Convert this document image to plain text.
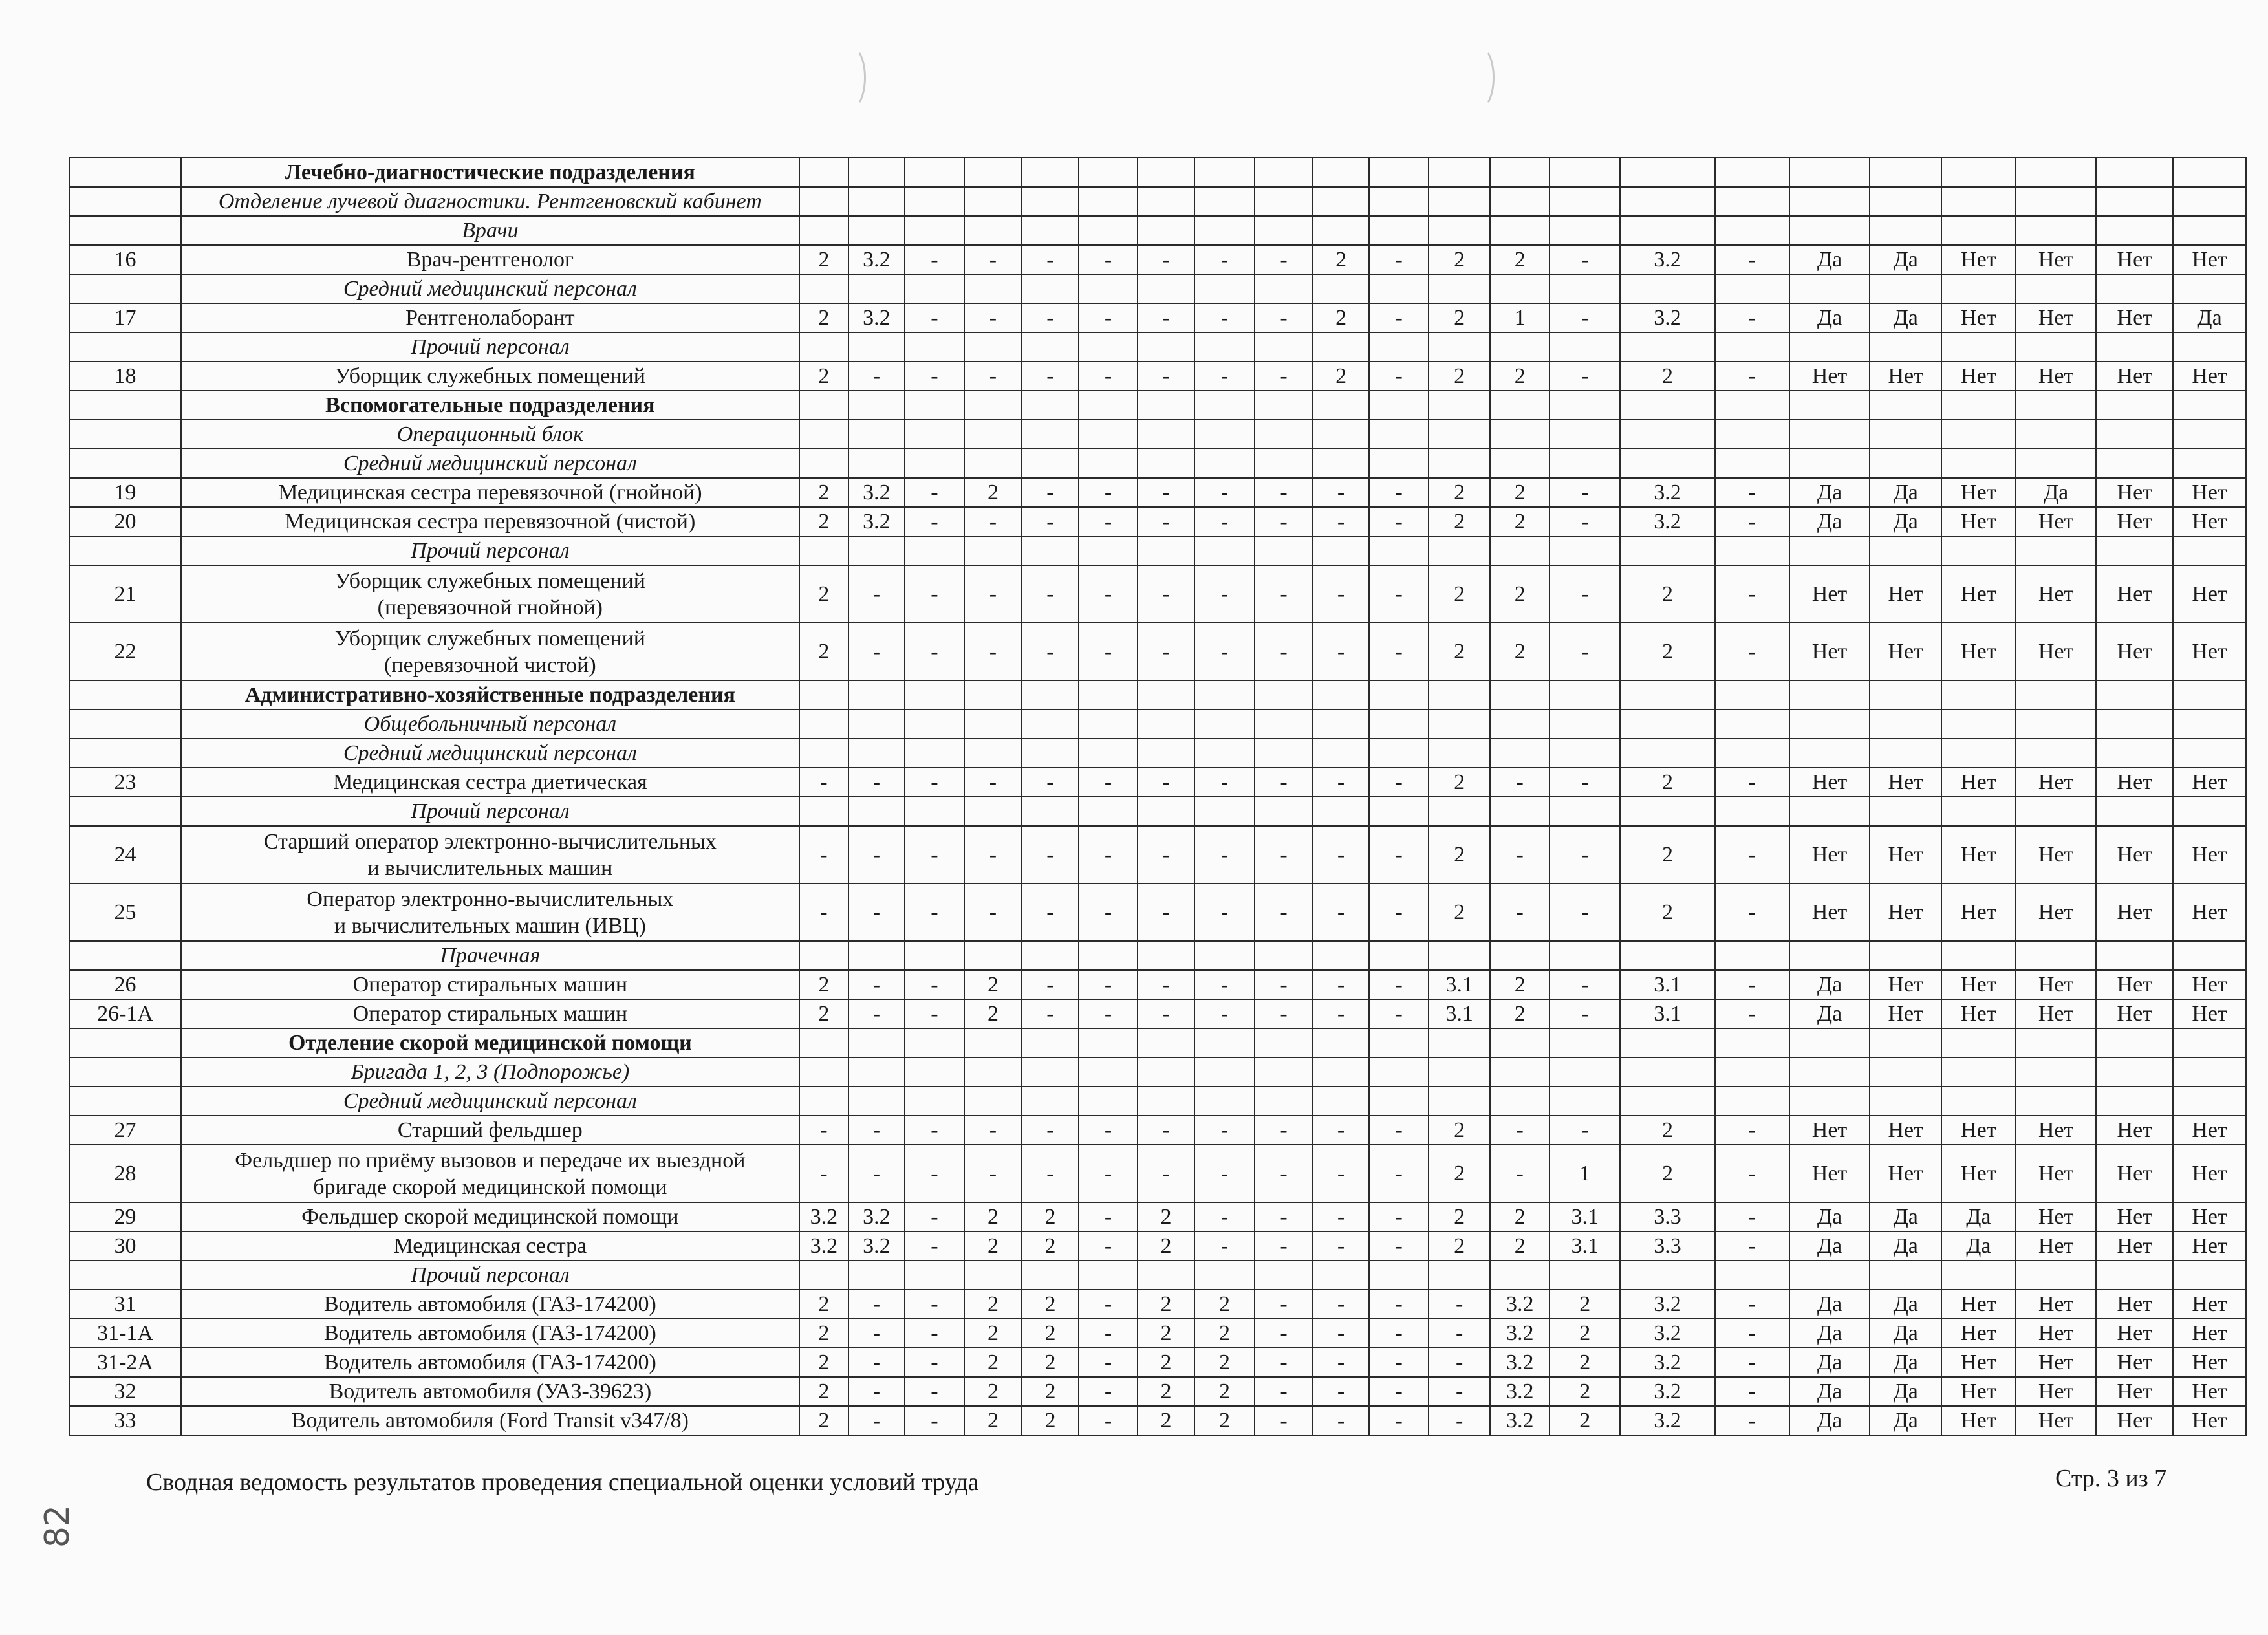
	Лечебно-диагностические подразделения																						
	Отделение лучевой диагностики. Рентгеновский кабинет																						
	Врачи																						
16	Врач-рентгенолог	2	3.2	-	-	-	-	-	-	-	2	-	2	2	-	3.2	-	Да	Да	Нет	Нет	Нет	Нет
	Средний медицинский персонал																						
17	Рентгенолаборант	2	3.2	-	-	-	-	-	-	-	2	-	2	1	-	3.2	-	Да	Да	Нет	Нет	Нет	Да
	Прочий персонал																						
18	Уборщик служебных помещений	2	-	-	-	-	-	-	-	-	2	-	2	2	-	2	-	Нет	Нет	Нет	Нет	Нет	Нет
	Вспомогательные подразделения																						
	Операционный блок																						
	Средний медицинский персонал																						
19	Медицинская сестра перевязочной (гнойной)	2	3.2	-	2	-	-	-	-	-	-	-	2	2	-	3.2	-	Да	Да	Нет	Да	Нет	Нет
20	Медицинская сестра перевязочной (чистой)	2	3.2	-	-	-	-	-	-	-	-	-	2	2	-	3.2	-	Да	Да	Нет	Нет	Нет	Нет
	Прочий персонал																						
21	Уборщик служебных помещений
(перевязочной гнойной)	2	-	-	-	-	-	-	-	-	-	-	2	2	-	2	-	Нет	Нет	Нет	Нет	Нет	Нет
22	Уборщик служебных помещений
(перевязочной чистой)	2	-	-	-	-	-	-	-	-	-	-	2	2	-	2	-	Нет	Нет	Нет	Нет	Нет	Нет
	Административно-хозяйственные подразделения																						
	Общебольничный персонал																						
	Средний медицинский персонал																						
23	Медицинская сестра диетическая	-	-	-	-	-	-	-	-	-	-	-	2	-	-	2	-	Нет	Нет	Нет	Нет	Нет	Нет
	Прочий персонал																						
24	Старший оператор электронно-вычислительных
и вычислительных машин	-	-	-	-	-	-	-	-	-	-	-	2	-	-	2	-	Нет	Нет	Нет	Нет	Нет	Нет
25	Оператор электронно-вычислительных
и вычислительных машин (ИВЦ)	-	-	-	-	-	-	-	-	-	-	-	2	-	-	2	-	Нет	Нет	Нет	Нет	Нет	Нет
	Прачечная																						
26	Оператор стиральных машин	2	-	-	2	-	-	-	-	-	-	-	3.1	2	-	3.1	-	Да	Нет	Нет	Нет	Нет	Нет
26-1А	Оператор стиральных машин	2	-	-	2	-	-	-	-	-	-	-	3.1	2	-	3.1	-	Да	Нет	Нет	Нет	Нет	Нет
	Отделение скорой медицинской помощи																						
	Бригада 1, 2, 3 (Подпорожье)																						
	Средний медицинский персонал																						
27	Старший фельдшер	-	-	-	-	-	-	-	-	-	-	-	2	-	-	2	-	Нет	Нет	Нет	Нет	Нет	Нет
28	Фельдшер по приёму вызовов и передаче их выездной
бригаде скорой медицинской помощи	-	-	-	-	-	-	-	-	-	-	-	2	-	1	2	-	Нет	Нет	Нет	Нет	Нет	Нет
29	Фельдшер скорой медицинской помощи	3.2	3.2	-	2	2	-	2	-	-	-	-	2	2	3.1	3.3	-	Да	Да	Да	Нет	Нет	Нет
30	Медицинская сестра	3.2	3.2	-	2	2	-	2	-	-	-	-	2	2	3.1	3.3	-	Да	Да	Да	Нет	Нет	Нет
	Прочий персонал																						
31	Водитель автомобиля (ГАЗ-174200)	2	-	-	2	2	-	2	2	-	-	-	-	3.2	2	3.2	-	Да	Да	Нет	Нет	Нет	Нет
31-1А	Водитель автомобиля (ГАЗ-174200)	2	-	-	2	2	-	2	2	-	-	-	-	3.2	2	3.2	-	Да	Да	Нет	Нет	Нет	Нет
31-2А	Водитель автомобиля (ГАЗ-174200)	2	-	-	2	2	-	2	2	-	-	-	-	3.2	2	3.2	-	Да	Да	Нет	Нет	Нет	Нет
32	Водитель автомобиля (УАЗ-39623)	2	-	-	2	2	-	2	2	-	-	-	-	3.2	2	3.2	-	Да	Да	Нет	Нет	Нет	Нет
33	Водитель автомобиля (Ford Transit v347/8)	2	-	-	2	2	-	2	2	-	-	-	-	3.2	2	3.2	-	Да	Да	Нет	Нет	Нет	Нет
Сводная ведомость результатов проведения специальной оценки условий труда	Стр. 3 из 7
82
